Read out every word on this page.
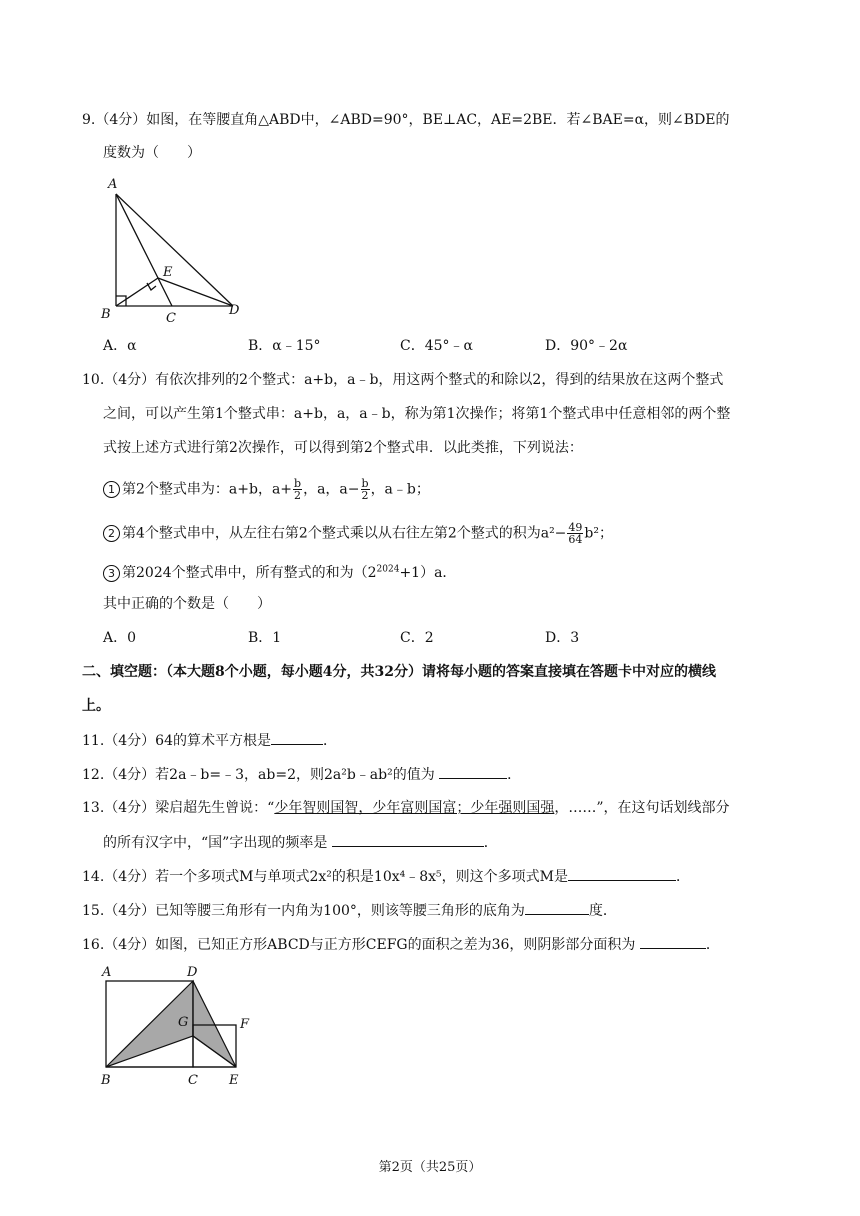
9.（4分）如图，在等腰直角△ABD中，∠ABD=90°，BE⊥AC，AE=2BE．若∠BAE=α，则∠BDE的
度数为（　　）
A
B	C
D
E
A．α	B．α﹣15°	C．45°﹣α	D．90°﹣2α
10.（4分）有依次排列的2个整式：a+b，a﹣b，用这两个整式的和除以2，得到的结果放在这两个整式
之间，可以产生第1个整式串：a+b，a，a﹣b，称为第1次操作；将第1个整式串中任意相邻的两个整
式按上述方式进行第2次操作，可以得到第2个整式串．以此类推，下列说法：
1 第2个整式串为：a+b，$a+ \frac{b}{2}$ ，a，$a- \frac{b}{2}$ ，a﹣b；
2 第4个整式串中，从左往右第2个整式乘以从右往左第2个整式的积为$a^2- \frac{49}{64} b^2$；
3 第2024个整式串中，所有整式的和为$(2^{2024}+1)a$．
其中正确的个数是（　　）
A．0	B．1	C．2	D．3
二、填空题：（本大题8个小题，每小题4分，共32分）请将每小题的答案直接填在答题卡中对应的横线
上。
11.（4分）64的算术平方根是	．
12.（4分）若2a﹣b=﹣3，ab=2，则2a²b﹣ab²的值为	．
13.（4分）梁启超先生曾说：“少年智则国智，少年富则国富；少年强则国强，……”，在这句话划线部分
的所有汉字中，“国”字出现的频率是	．
14.（4分）若一个多项式M与单项式2x²的积是10x⁴﹣8x⁵，则这个多项式M是	．
15.（4分）已知等腰三角形有一内角为100°，则该等腰三角形的底角为	度．
16.（4分）如图，已知正方形ABCD与正方形CEFG的面积之差为36，则阴影部分面积为	．
A	D
G	F
B	C E
第2页（共25页）
